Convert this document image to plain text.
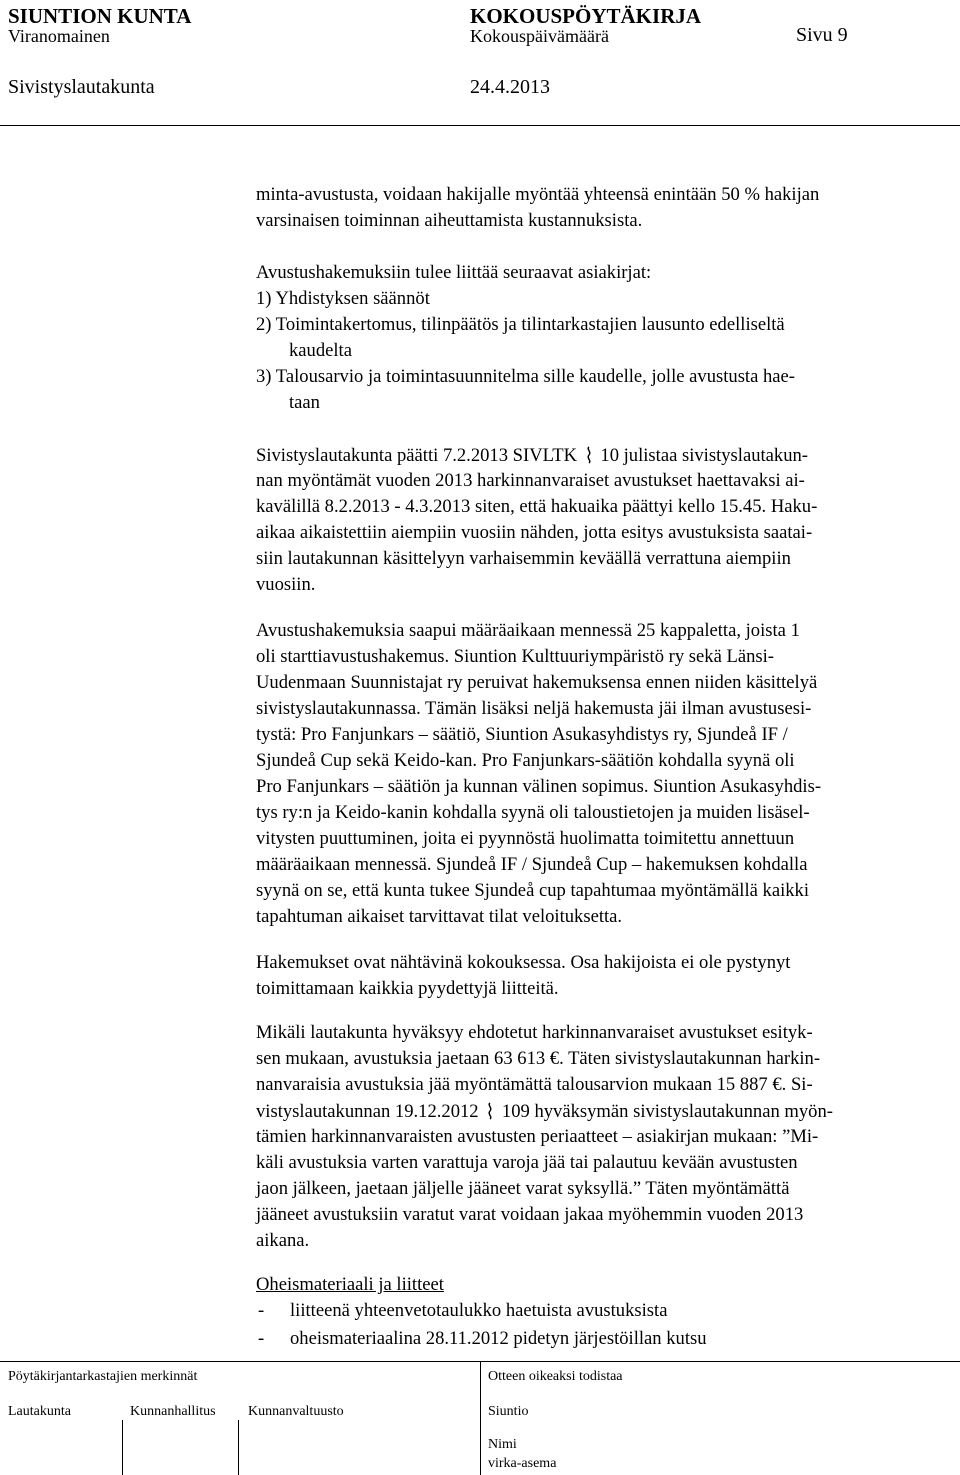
SIUNTION KUNTA	KOKOUSPÖYTÄKIRJA
Viranomainen	Kokouspäivämäärä	Sivu 9
Sivistyslautakunta	24.4.2013
minta-avustusta, voidaan hakijalle myöntää yhteensä enintään 50 % hakijan
varsinaisen toiminnan aiheuttamista kustannuksista.
Avustushakemuksiin tulee liittää seuraavat asiakirjat:
1) Yhdistyksen säännöt
2) Toimintakertomus, tilinpäätös ja tilintarkastajien lausunto edelliseltä
kaudelta
3) Talousarvio ja toimintasuunnitelma sille kaudelle, jolle avustusta hae-
taan
Sivistyslautakunta päätti 7.2.2013 SIVLTK 10 julistaa sivistyslautakun-
nan myöntämät vuoden 2013 harkinnanvaraiset avustukset haettavaksi ai-
kavälillä 8.2.2013 - 4.3.2013 siten, että hakuaika päättyi kello 15.45. Haku-
aikaa aikaistettiin aiempiin vuosiin nähden, jotta esitys avustuksista saatai-
siin lautakunnan käsittelyyn varhaisemmin keväällä verrattuna aiempiin
vuosiin.
Avustushakemuksia saapui määräaikaan mennessä 25 kappaletta, joista 1
oli starttiavustushakemus. Siuntion Kulttuuriympäristö ry sekä Länsi-
Uudenmaan Suunnistajat ry peruivat hakemuksensa ennen niiden käsittelyä
sivistyslautakunnassa. Tämän lisäksi neljä hakemusta jäi ilman avustusesi-
tystä: Pro Fanjunkars – säätiö, Siuntion Asukasyhdistys ry, Sjundeå IF /
Sjundeå Cup sekä Keido-kan. Pro Fanjunkars-säätiön kohdalla syynä oli
Pro Fanjunkars – säätiön ja kunnan välinen sopimus. Siuntion Asukasyhdis-
tys ry:n ja Keido-kanin kohdalla syynä oli taloustietojen ja muiden lisäsel-
vitysten puuttuminen, joita ei pyynnöstä huolimatta toimitettu annettuun
määräaikaan mennessä. Sjundeå IF / Sjundeå Cup – hakemuksen kohdalla
syynä on se, että kunta tukee Sjundeå cup tapahtumaa myöntämällä kaikki
tapahtuman aikaiset tarvittavat tilat veloituksetta.
Hakemukset ovat nähtävinä kokouksessa. Osa hakijoista ei ole pystynyt
toimittamaan kaikkia pyydettyjä liitteitä.
Mikäli lautakunta hyväksyy ehdotetut harkinnanvaraiset avustukset esityk-
sen mukaan, avustuksia jaetaan 63 613 €. Täten sivistyslautakunnan harkin-
nanvaraisia avustuksia jää myöntämättä talousarvion mukaan 15 887 €. Si-
vistyslautakunnan 19.12.2012 109 hyväksymän sivistyslautakunnan myön-
tämien harkinnanvaraisten avustusten periaatteet – asiakirjan mukaan: ”Mi-
käli avustuksia varten varattuja varoja jää tai palautuu kevään avustusten
jaon jälkeen, jaetaan jäljelle jääneet varat syksyllä.” Täten myöntämättä
jääneet avustuksiin varatut varat voidaan jakaa myöhemmin vuoden 2013
aikana.
Oheismateriaali ja liitteet
- liitteenä yhteenvetotaulukko haetuista avustuksista
- oheismateriaalina 28.11.2012 pidetyn järjestöillan kutsu
Pöytäkirjantarkastajien merkinnät	Otteen oikeaksi todistaa
Lautakunta	Kunnanhallitus Kunnanvaltuusto	Siuntio
Nimi
virka-asema
